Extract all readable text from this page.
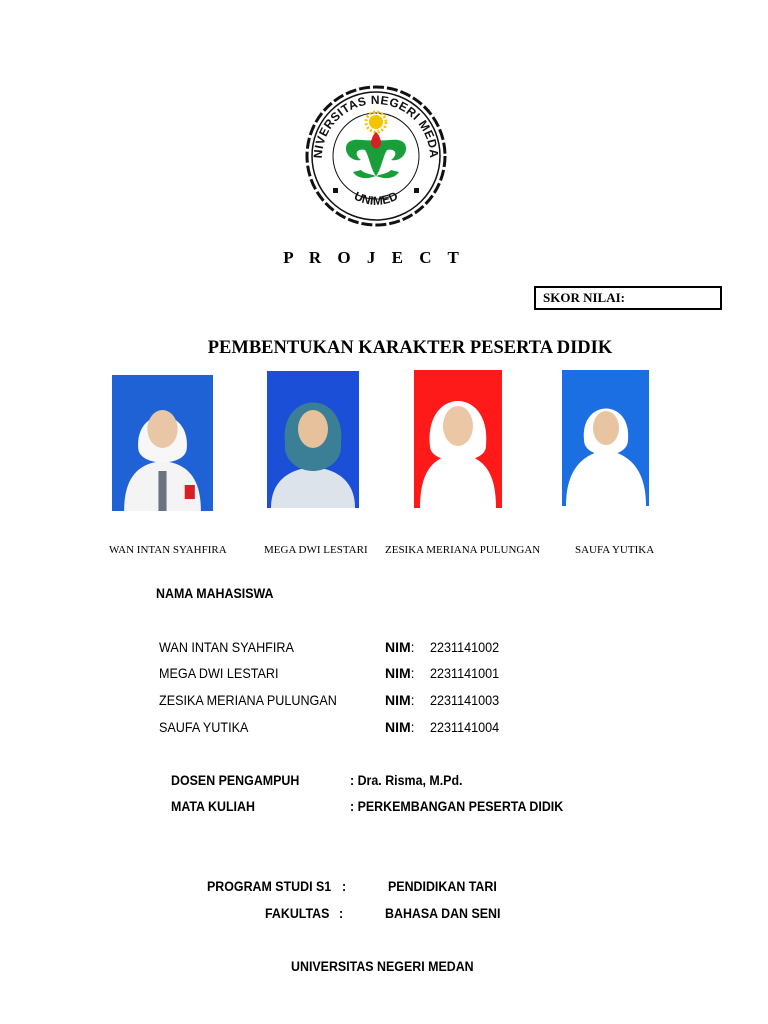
NIVERSITAS NEGERI MEDA
UNIMED
P R O J E C T
SKOR NILAI:
PEMBENTUKAN KARAKTER PESERTA DIDIK
WAN INTAN SYAHFIRA	MEGA DWI LESTARI ZESIKA MERIANA PULUNGAN	SAUFA YUTIKA
NAMA MAHASISWA
WAN INTAN SYAHFIRA	NIM: 2231141002
MEGA DWI LESTARI	NIM: 2231141001
ZESIKA MERIANA PULUNGAN	NIM: 2231141003
SAUFA YUTIKA	NIM: 2231141004
DOSEN PENGAMPUH	: Dra. Risma, M.Pd.
MATA KULIAH	: PERKEMBANGAN PESERTA DIDIK
PROGRAM STUDI S1 :	PENDIDIKAN TARI
FAKULTAS :	BAHASA DAN SENI
UNIVERSITAS NEGERI MEDAN
